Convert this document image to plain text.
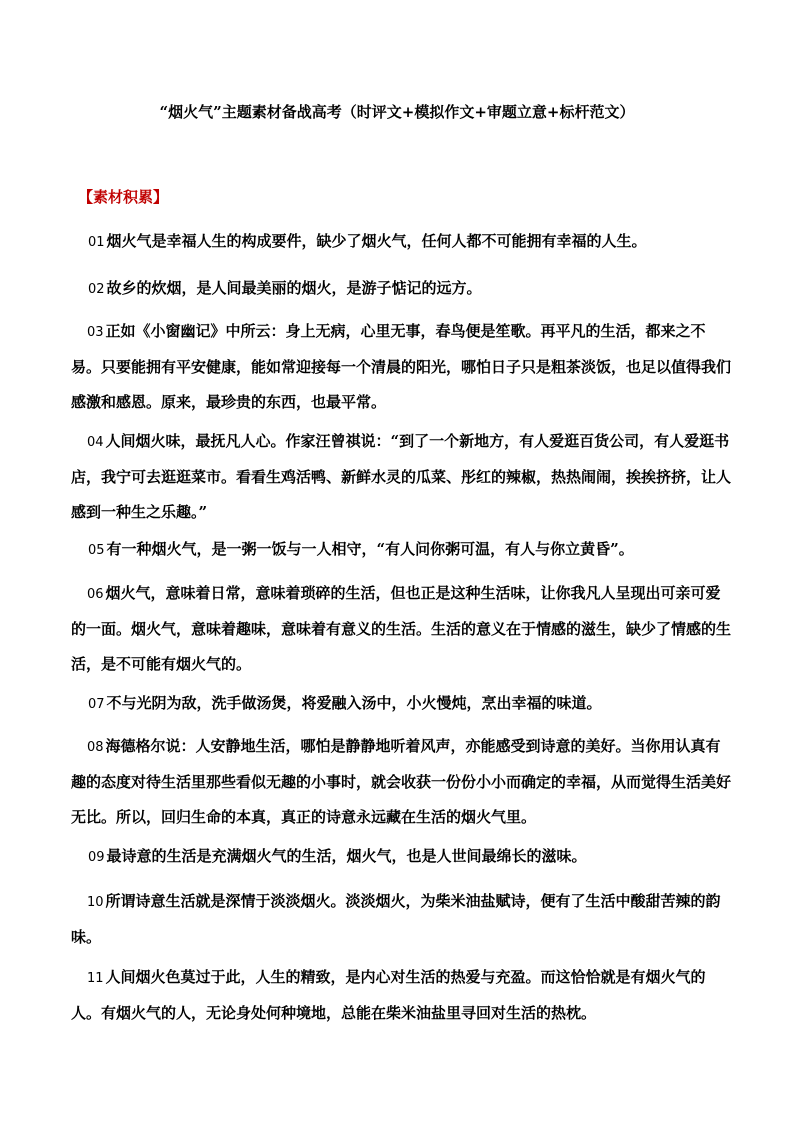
“烟火气”主题素材备战高考（时评文+模拟作文+审题立意+标杆范文）
【素材积累】

01 烟火气是幸福人生的构成要件，缺少了烟火气，任何人都不可能拥有幸福的人生。

02 故乡的炊烟，是人间最美丽的烟火，是游子惦记的远方。

03 正如《小窗幽记》中所云：身上无病，心里无事，春鸟便是笙歌。再平凡的生活，都来之不易。只要能拥有平安健康，能如常迎接每一个清晨的阳光，哪怕日子只是粗茶淡饭，也足以值得我们感激和感恩。原来，最珍贵的东西，也最平常。

04 人间烟火味，最抚凡人心。作家汪曾祺说：“到了一个新地方，有人爱逛百货公司，有人爱逛书店，我宁可去逛逛菜市。看看生鸡活鸭、新鲜水灵的瓜菜、彤红的辣椒，热热闹闹，挨挨挤挤，让人感到一种生之乐趣。”

05 有一种烟火气，是一粥一饭与一人相守，“有人问你粥可温，有人与你立黄昏”。

06 烟火气，意味着日常，意味着琐碎的生活，但也正是这种生活味，让你我凡人呈现出可亲可爱的一面。烟火气，意味着趣味，意味着有意义的生活。生活的意义在于情感的滋生，缺少了情感的生活，是不可能有烟火气的。

07 不与光阴为敌，洗手做汤煲，将爱融入汤中，小火慢炖，烹出幸福的味道。

08 海德格尔说：人安静地生活，哪怕是静静地听着风声，亦能感受到诗意的美好。当你用认真有趣的态度对待生活里那些看似无趣的小事时，就会收获一份份小小而确定的幸福，从而觉得生活美好无比。所以，回归生命的本真，真正的诗意永远藏在生活的烟火气里。

09 最诗意的生活是充满烟火气的生活，烟火气，也是人世间最绵长的滋味。

10 所谓诗意生活就是深情于淡淡烟火。淡淡烟火，为柴米油盐赋诗，便有了生活中酸甜苦辣的韵味。

11 人间烟火色莫过于此，人生的精致，是内心对生活的热爱与充盈。而这恰恰就是有烟火气的人。有烟火气的人，无论身处何种境地，总能在柴米油盐里寻回对生活的热枕。
